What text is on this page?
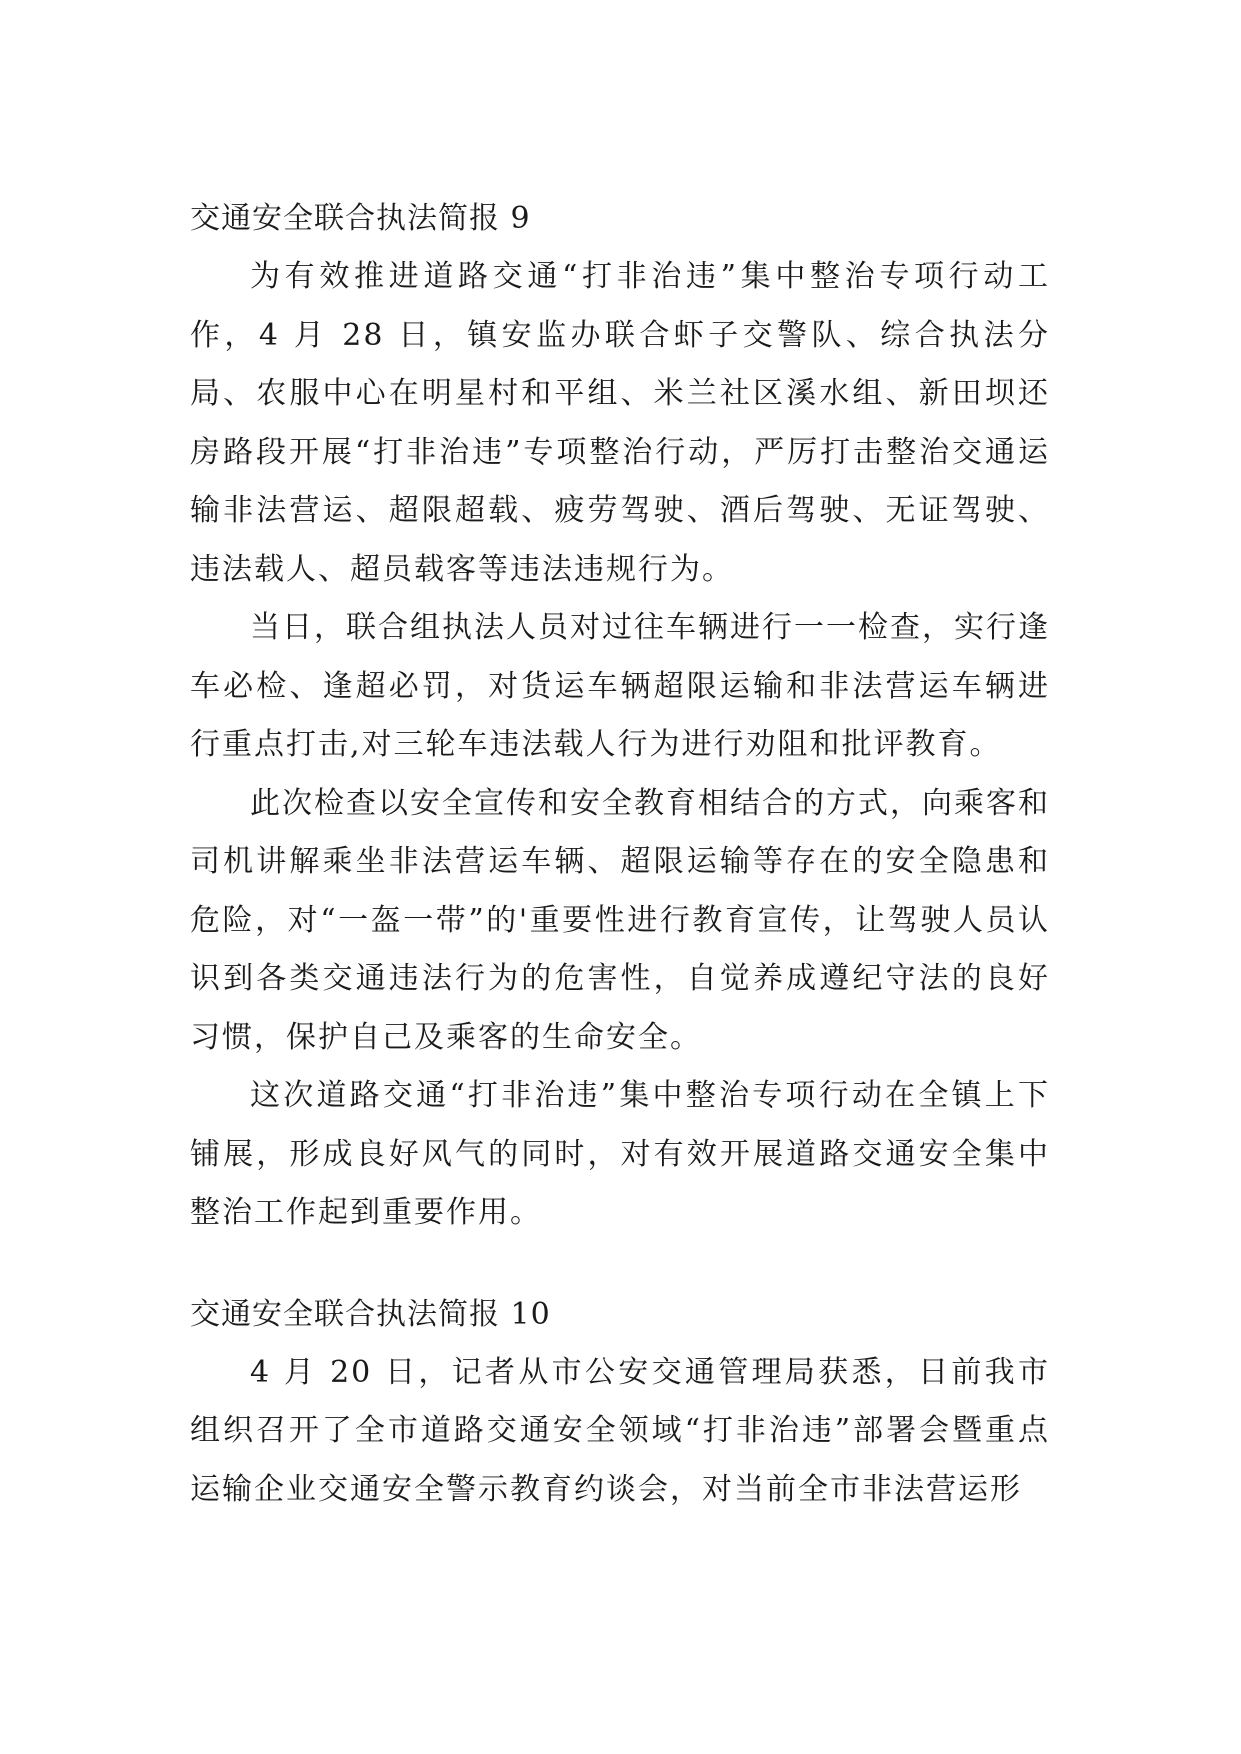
交通安全联合执法简报 9

为有效推进道路交通“打非治违”集中整治专项行动工作，4 月 28 日，镇安监办联合虾子交警队、综合执法分局、农服中心在明星村和平组、米兰社区溪水组、新田坝还房路段开展“打非治违”专项整治行动，严厉打击整治交通运输非法营运、超限超载、疲劳驾驶、酒后驾驶、无证驾驶、违法载人、超员载客等违法违规行为。

当日，联合组执法人员对过往车辆进行一一检查，实行逢车必检、逢超必罚，对货运车辆超限运输和非法营运车辆进行重点打击,对三轮车违法载人行为进行劝阻和批评教育。

此次检查以安全宣传和安全教育相结合的方式，向乘客和司机讲解乘坐非法营运车辆、超限运输等存在的安全隐患和危险，对“一盔一带”的'重要性进行教育宣传，让驾驶人员认识到各类交通违法行为的危害性，自觉养成遵纪守法的良好习惯，保护自己及乘客的生命安全。

这次道路交通“打非治违”集中整治专项行动在全镇上下铺展，形成良好风气的同时，对有效开展道路交通安全集中整治工作起到重要作用。

交通安全联合执法简报 10

4 月 20 日，记者从市公安交通管理局获悉，日前我市组织召开了全市道路交通安全领域“打非治违”部署会暨重点运输企业交通安全警示教育约谈会，对当前全市非法营运形
